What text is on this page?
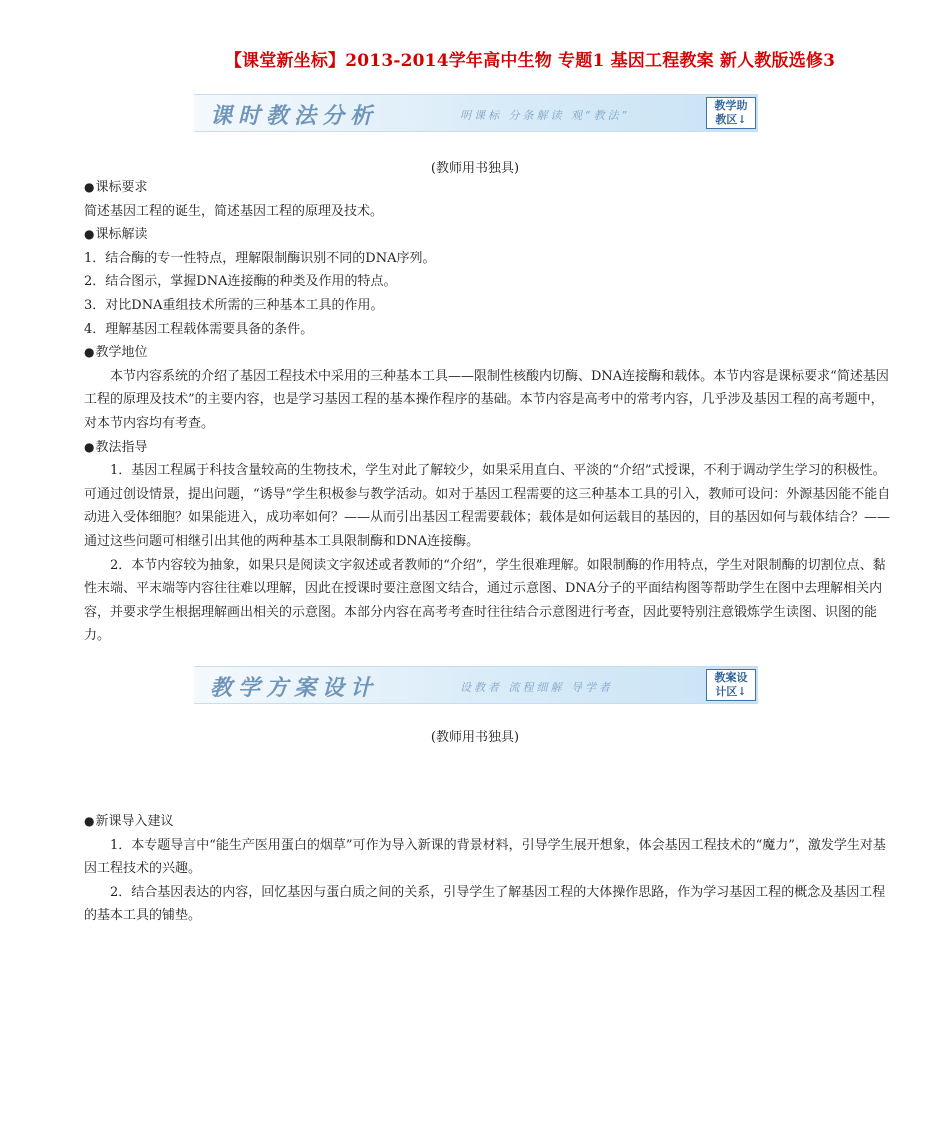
【课堂新坐标】2013-2014学年高中生物 专题1 基因工程教案 新人教版选修3
课时教法分析	明课标 分条解读 观“教法”
教学助
教区↓
(教师用书独具)

● 课标要求

简述基因工程的诞生，简述基因工程的原理及技术。

● 课标解读

1．结合酶的专一性特点，理解限制酶识别不同的DNA序列。

2．结合图示，掌握DNA连接酶的种类及作用的特点。

3．对比DNA重组技术所需的三种基本工具的作用。

4．理解基因工程载体需要具备的条件。

● 教学地位

本节内容系统的介绍了基因工程技术中采用的三种基本工具——限制性核酸内切酶、DNA连接酶和载体。本节内容是课标要求“简述基因工程的原理及技术”的主要内容，也是学习基因工程的基本操作程序的基础。本节内容是高考中的常考内容，几乎涉及基因工程的高考题中，对本节内容均有考查。

● 教法指导

1．基因工程属于科技含量较高的生物技术，学生对此了解较少，如果采用直白、平淡的“介绍”式授课，不利于调动学生学习的积极性。可通过创设情景，提出问题，“诱导”学生积极参与教学活动。如对于基因工程需要的这三种基本工具的引入，教师可设问：外源基因能不能自动进入受体细胞？如果能进入，成功率如何？——从而引出基因工程需要载体；载体是如何运载目的基因的，目的基因如何与载体结合？——通过这些问题可相继引出其他的两种基本工具限制酶和DNA连接酶。

2．本节内容较为抽象，如果只是阅读文字叙述或者教师的“介绍”，学生很难理解。如限制酶的作用特点，学生对限制酶的切割位点、黏性末端、平末端等内容往往难以理解，因此在授课时要注意图文结合，通过示意图、DNA分子的平面结构图等帮助学生在图中去理解相关内容，并要求学生根据理解画出相关的示意图。本部分内容在高考考查时往往结合示意图进行考查，因此要特别注意锻炼学生读图、识图的能力。

教学方案设计	设教者 流程细解 导学者
教案设
计区↓
(教师用书独具)

● 新课导入建议

1．本专题导言中“能生产医用蛋白的烟草”可作为导入新课的背景材料，引导学生展开想象，体会基因工程技术的“魔力”，激发学生对基因工程技术的兴趣。

2．结合基因表达的内容，回忆基因与蛋白质之间的关系，引导学生了解基因工程的大体操作思路，作为学习基因工程的概念及基因工程的基本工具的铺垫。
